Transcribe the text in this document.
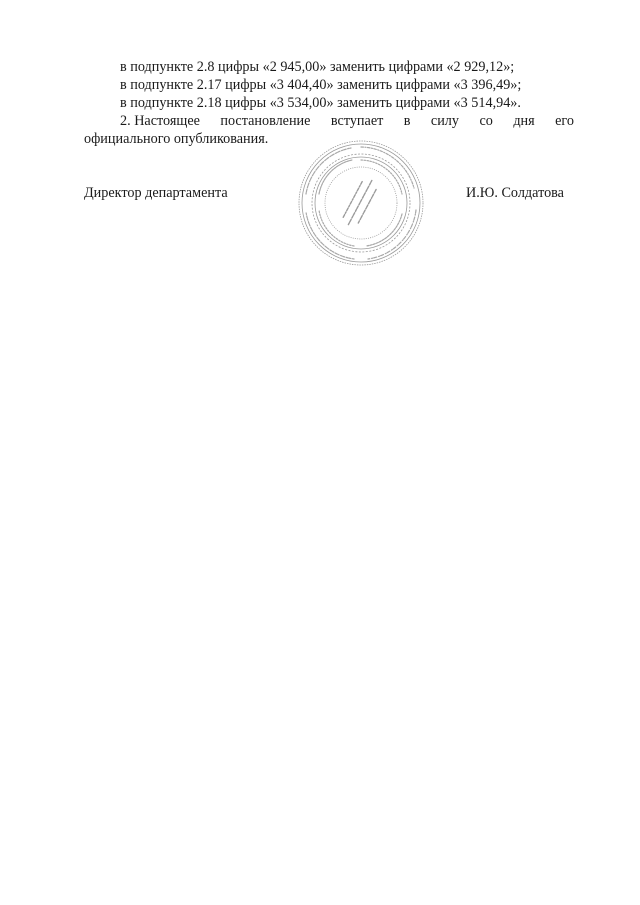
в подпункте 2.8 цифры «2 945,00» заменить цифрами «2 929,12»;
в подпункте 2.17 цифры «3 404,40» заменить цифрами «3 396,49»;
в подпункте 2.18 цифры «3 534,00» заменить цифрами «3 514,94».
2. Настоящее постановление вступает в силу со дня его
официального опубликования.
Директор департамента	И.Ю. Солдатова
